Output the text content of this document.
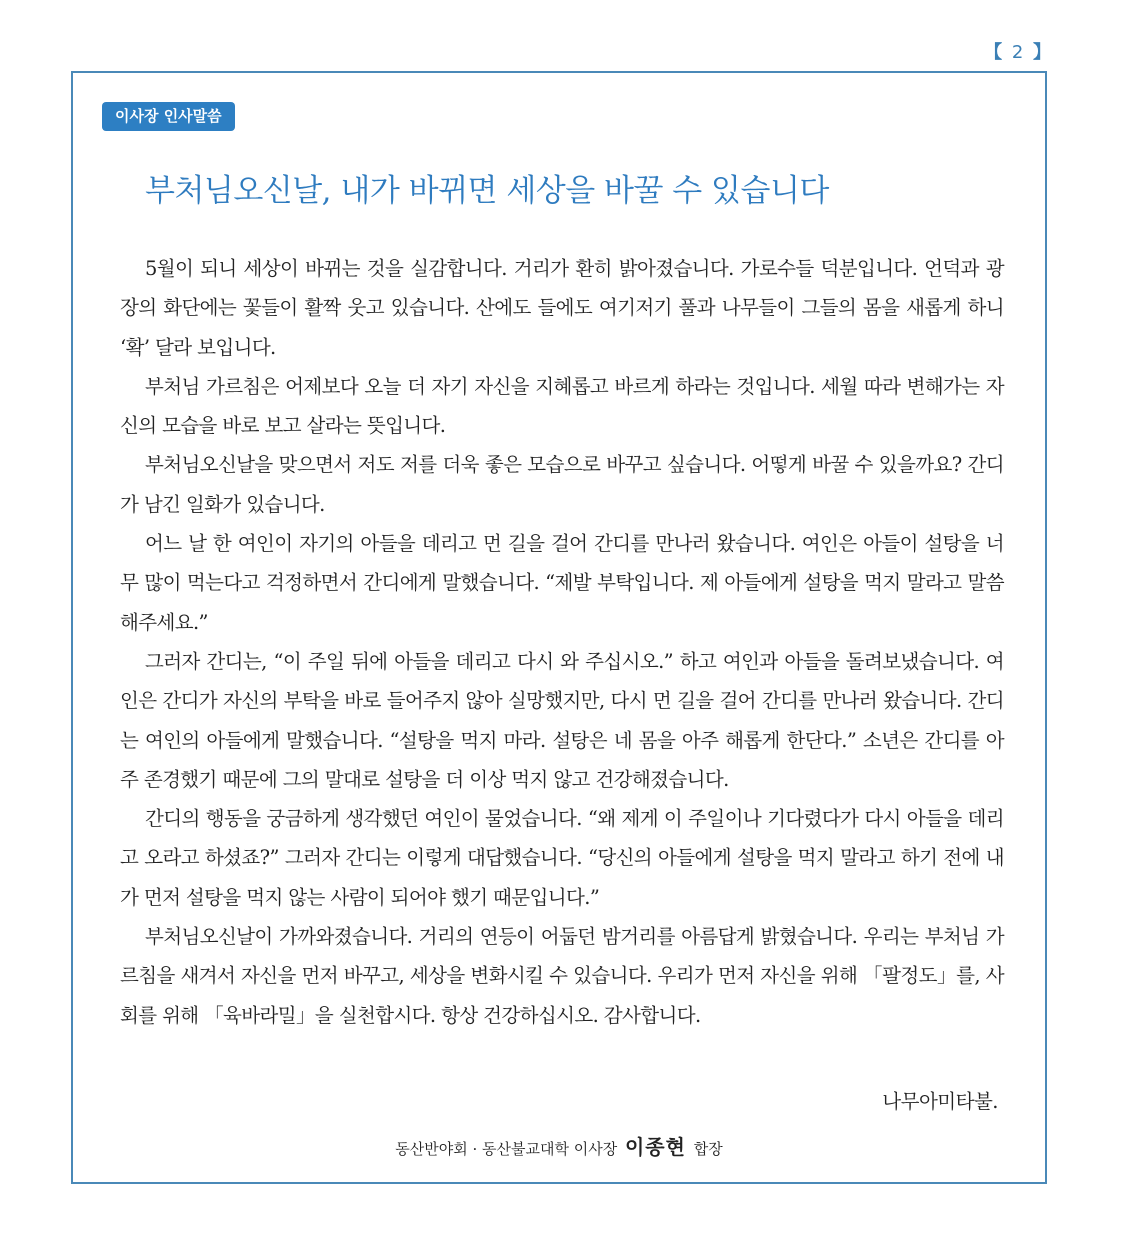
【 2 】
이사장 인사말씀
부처님오신날, 내가 바뀌면 세상을 바꿀 수 있습니다

5월이 되니 세상이 바뀌는 것을 실감합니다. 거리가 환히 밝아졌습니다. 가로수들 덕분입니다. 언덕과 광장의 화단에는 꽃들이 활짝 웃고 있습니다. 산에도 들에도 여기저기 풀과 나무들이 그들의 몸을 새롭게 하니 ‘확’ 달라 보입니다.

부처님 가르침은 어제보다 오늘 더 자기 자신을 지혜롭고 바르게 하라는 것입니다. 세월 따라 변해가는 자신의 모습을 바로 보고 살라는 뜻입니다.

부처님오신날을 맞으면서 저도 저를 더욱 좋은 모습으로 바꾸고 싶습니다. 어떻게 바꿀 수 있을까요? 간디가 남긴 일화가 있습니다.

어느 날 한 여인이 자기의 아들을 데리고 먼 길을 걸어 간디를 만나러 왔습니다. 여인은 아들이 설탕을 너무 많이 먹는다고 걱정하면서 간디에게 말했습니다. “제발 부탁입니다. 제 아들에게 설탕을 먹지 말라고 말씀해주세요.”

그러자 간디는, “이 주일 뒤에 아들을 데리고 다시 와 주십시오.” 하고 여인과 아들을 돌려보냈습니다. 여인은 간디가 자신의 부탁을 바로 들어주지 않아 실망했지만, 다시 먼 길을 걸어 간디를 만나러 왔습니다. 간디는 여인의 아들에게 말했습니다. “설탕을 먹지 마라. 설탕은 네 몸을 아주 해롭게 한단다.” 소년은 간디를 아주 존경했기 때문에 그의 말대로 설탕을 더 이상 먹지 않고 건강해졌습니다.

간디의 행동을 궁금하게 생각했던 여인이 물었습니다. “왜 제게 이 주일이나 기다렸다가 다시 아들을 데리고 오라고 하셨죠?” 그러자 간디는 이렇게 대답했습니다. “당신의 아들에게 설탕을 먹지 말라고 하기 전에 내가 먼저 설탕을 먹지 않는 사람이 되어야 했기 때문입니다.”

부처님오신날이 가까와졌습니다. 거리의 연등이 어둡던 밤거리를 아름답게 밝혔습니다. 우리는 부처님 가르침을 새겨서 자신을 먼저 바꾸고, 세상을 변화시킬 수 있습니다. 우리가 먼저 자신을 위해 「팔정도」를, 사회를 위해 「육바라밀」을 실천합시다. 항상 건강하십시오. 감사합니다.

나무아미타불.
동산반야회 · 동산불교대학 이사장 이종현 합장
